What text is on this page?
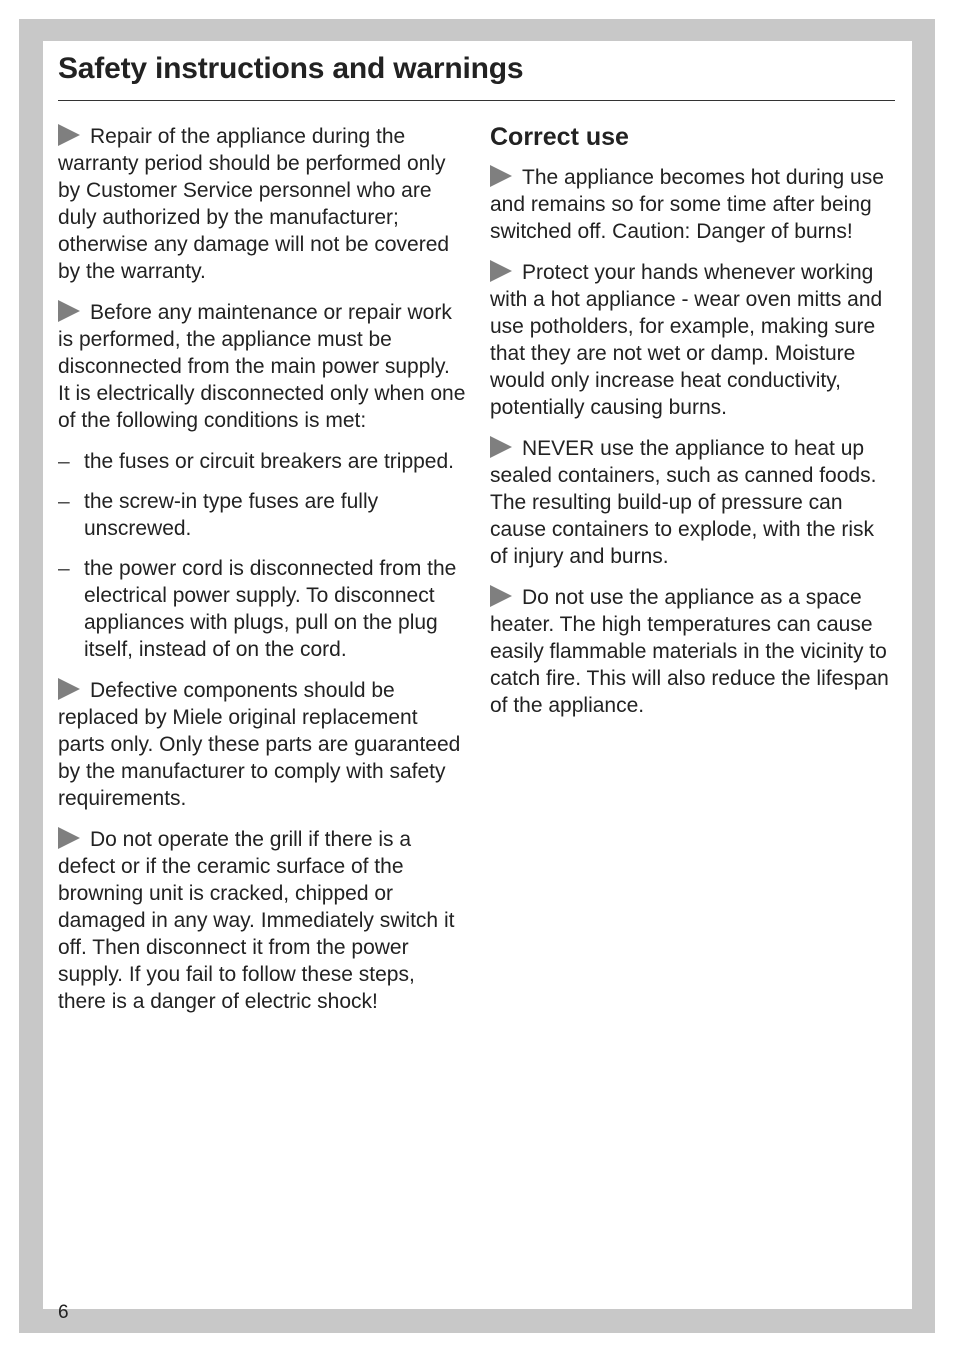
Safety instructions and warnings

Repair of the appliance during the warranty period should be performed only by Customer Service personnel who are duly authorized by the manufacturer; otherwise any damage will not be covered by the warranty.

Before any maintenance or repair work is performed, the appliance must be disconnected from the main power supply. It is electrically disconnected only when one of the following conditions is met:

– the fuses or circuit breakers are tripped.
– the screw-in type fuses are fully unscrewed.
– the power cord is disconnected from the electrical power supply. To disconnect appliances with plugs, pull on the plug itself, instead of on the cord.

Defective components should be replaced by Miele original replacement parts only. Only these parts are guaranteed by the manufacturer to comply with safety requirements.

Do not operate the grill if there is a defect or if the ceramic surface of the browning unit is cracked, chipped or damaged in any way. Immediately switch it off. Then disconnect it from the power supply. If you fail to follow these steps, there is a danger of electric shock!

Correct use

The appliance becomes hot during use and remains so for some time after being switched off. Caution: Danger of burns!

Protect your hands whenever working with a hot appliance - wear oven mitts and use potholders, for example, making sure that they are not wet or damp. Moisture would only increase heat conductivity, potentially causing burns.

NEVER use the appliance to heat up sealed containers, such as canned foods. The resulting build-up of pressure can cause containers to explode, with the risk of injury and burns.

Do not use the appliance as a space heater. The high temperatures can cause easily flammable materials in the vicinity to catch fire. This will also reduce the lifespan of the appliance.

6
